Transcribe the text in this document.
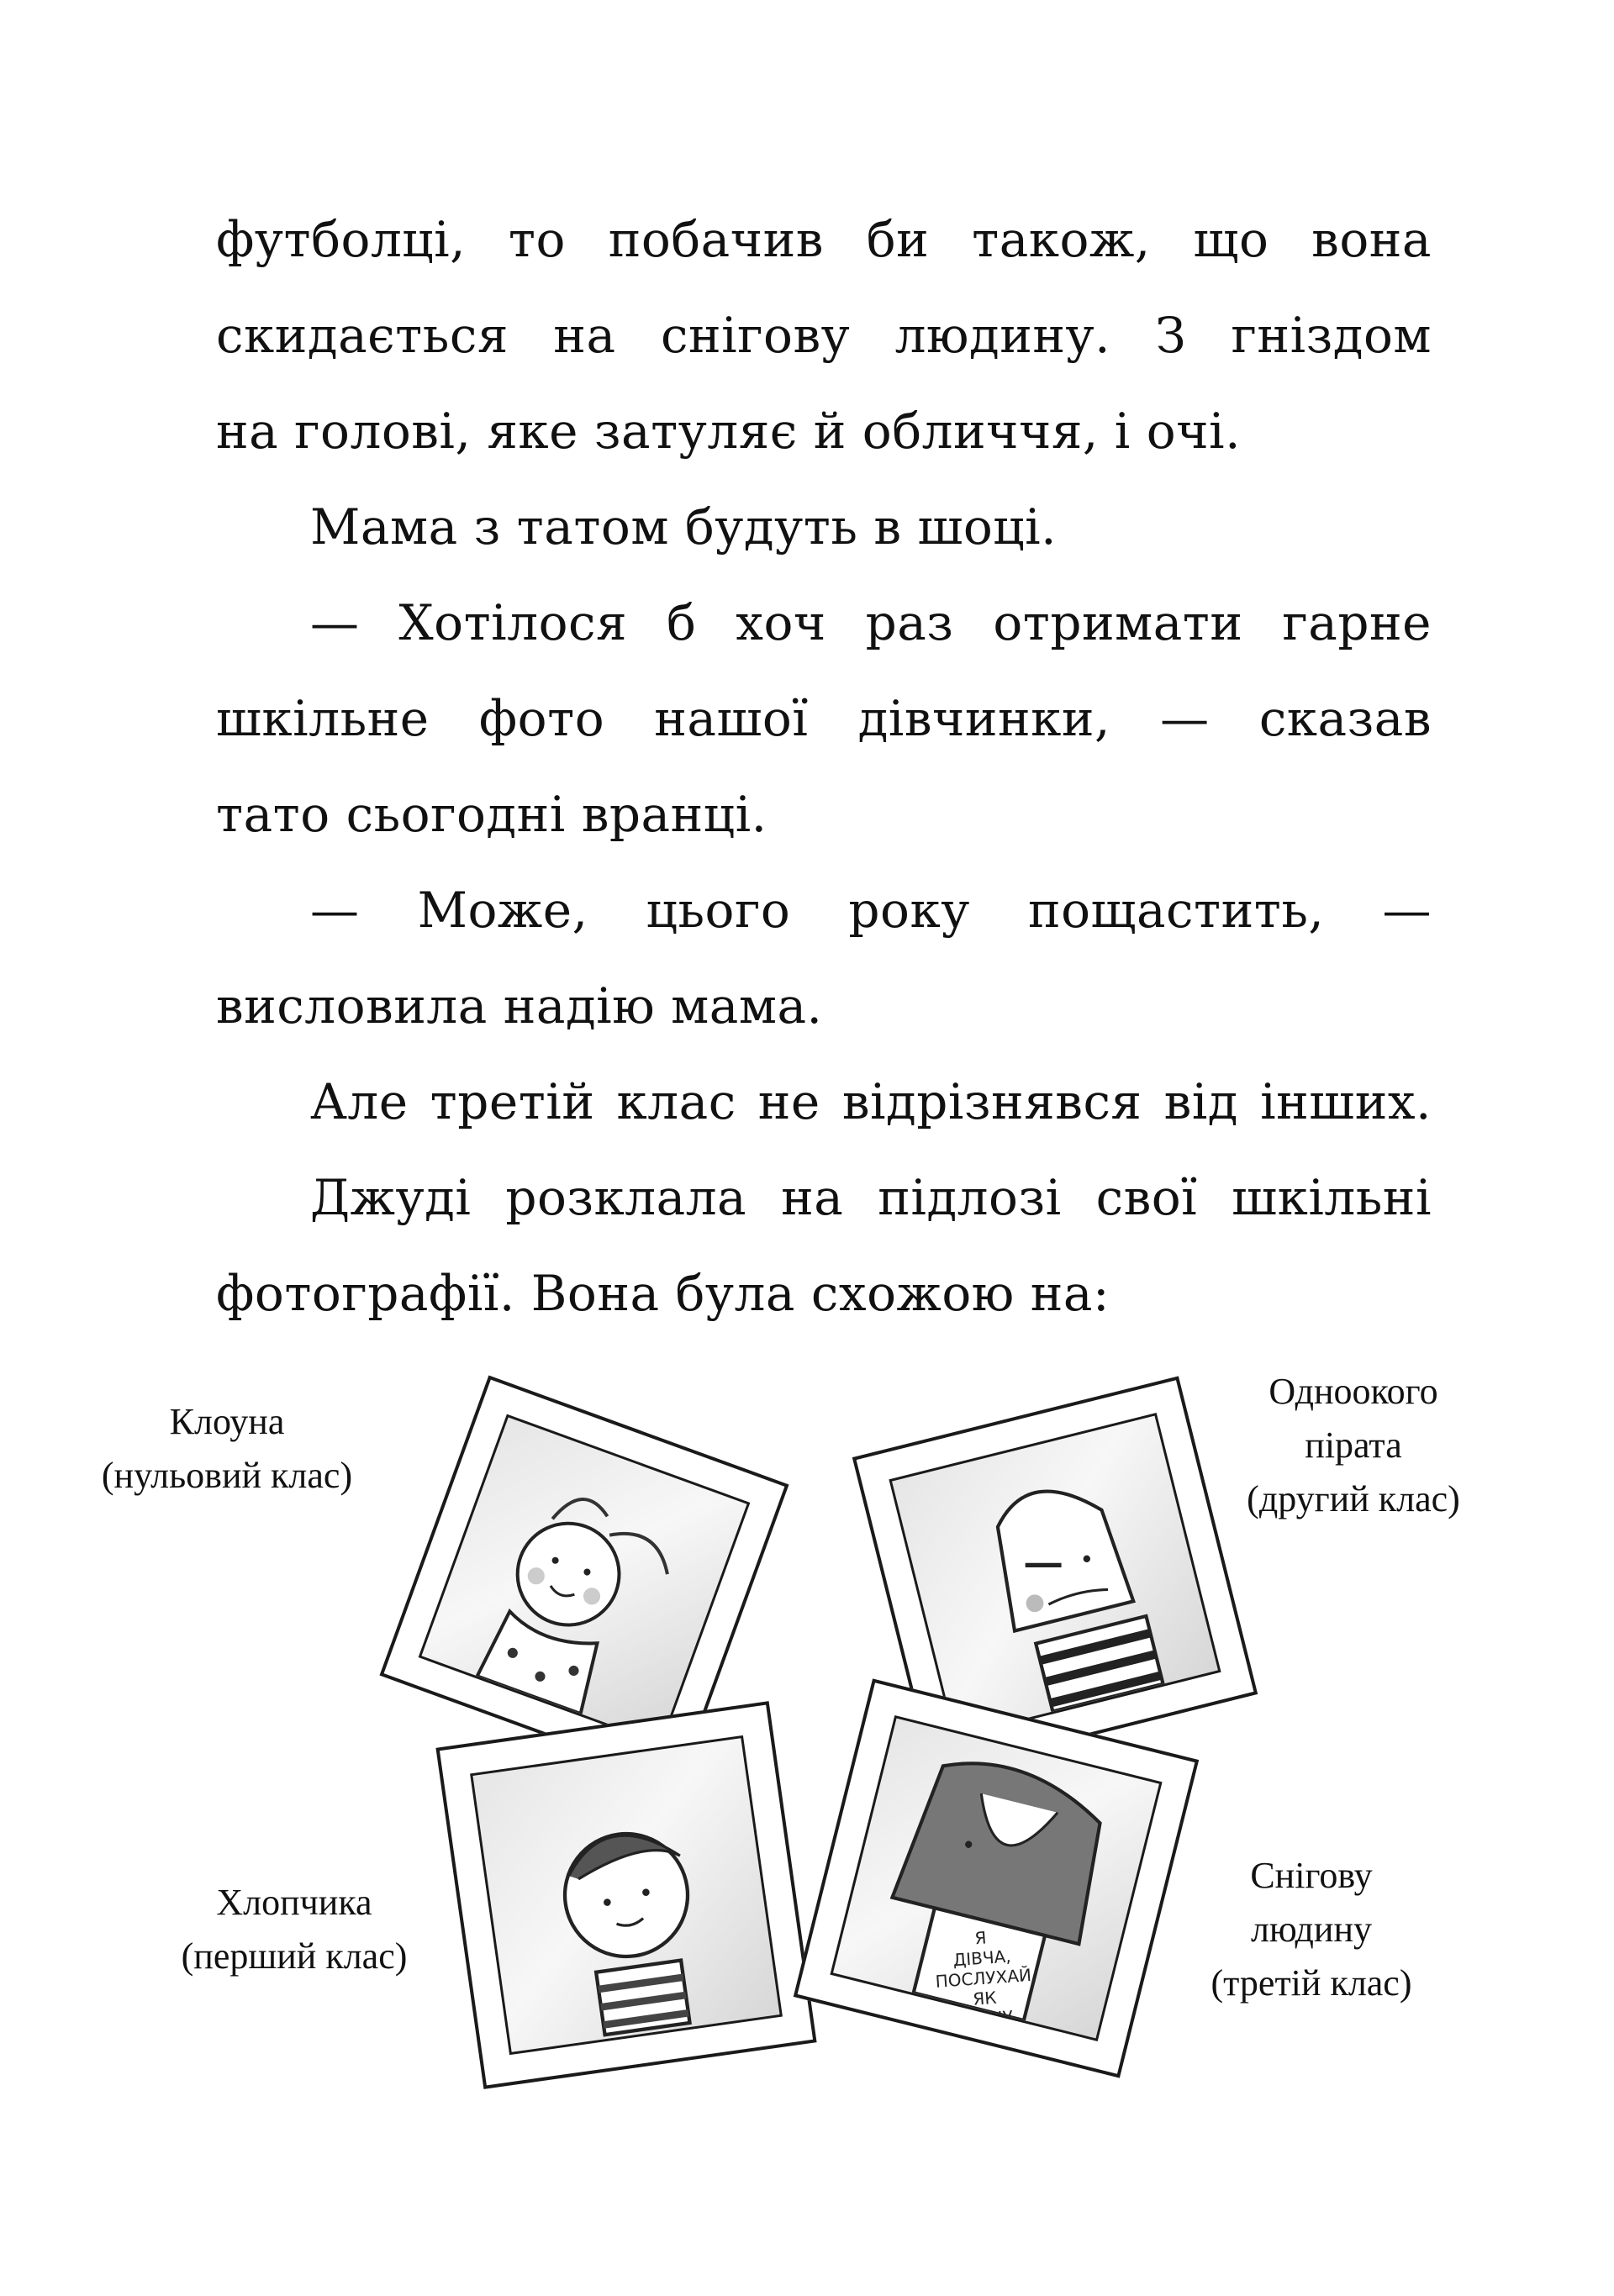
футболці, то побачив би також, що вона
скидається на снігову людину. З гніздом
на голові, яке затуляє й обличчя, і очі.
Мама з татом будуть в шоці.
— Хотілося б хоч раз отримати гарне
шкільне фото нашої дівчинки, — сказав
тато сьогодні вранці.
— Може, цього року пощастить, —
висловила надію мама.
Але третій клас не відрізнявся від інших.
Джуді розклала на підлозі свої шкільні
фотографії. Вона була схожою на:
Клоуна
(нульовий клас)
Одноокого
пірата
(другий клас)
Хлопчика
(перший клас)
Снігову
людину
(третій клас)
Я
ДІВЧА,
ПОСЛУХАЙ
ЯК
ГАРЧУ
